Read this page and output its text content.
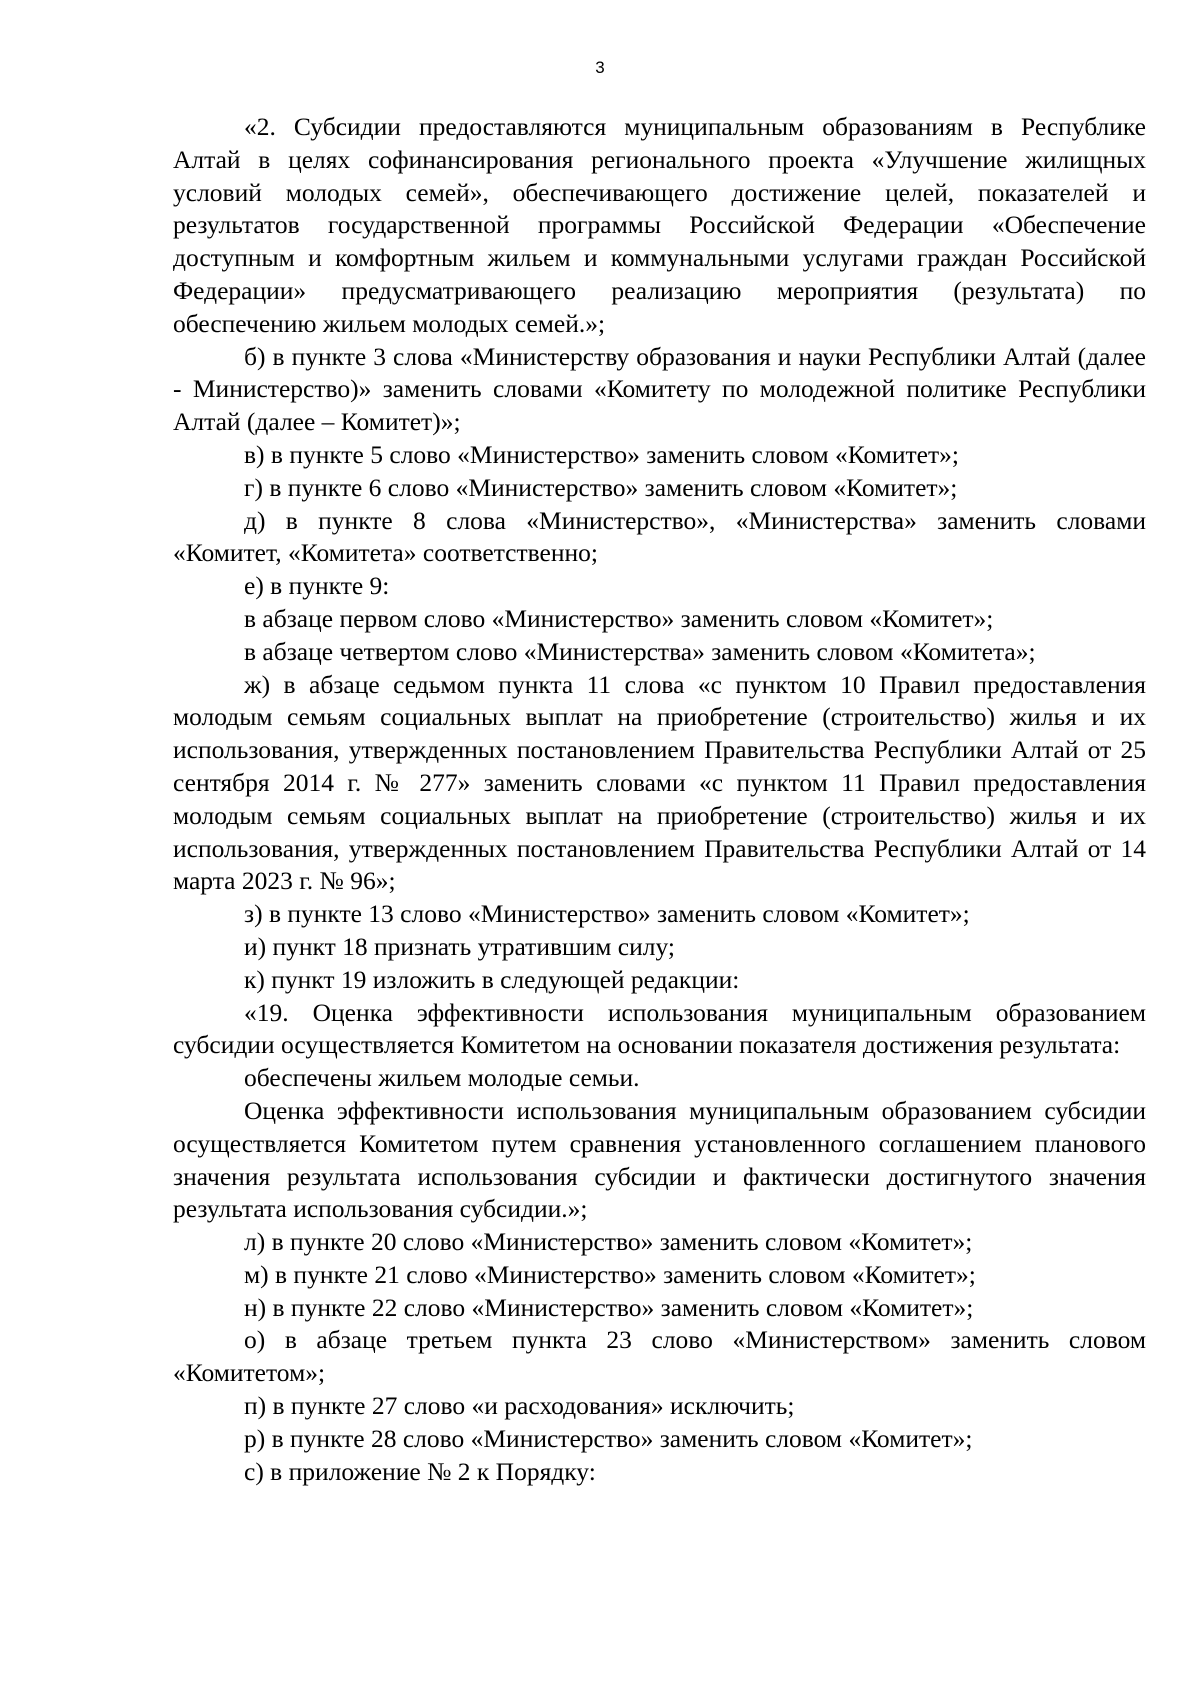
3

«2. Субсидии предоставляются муниципальным образованиям в Республике Алтай в целях софинансирования регионального проекта «Улучшение жилищных условий молодых семей», обеспечивающего достижение целей, показателей и результатов государственной программы Российской Федерации «Обеспечение доступным и комфортным жильем и коммунальными услугами граждан Российской Федерации» предусматривающего реализацию мероприятия (результата) по обеспечению жильем молодых семей.»;

б) в пункте 3 слова «Министерству образования и науки Республики Алтай (далее - Министерство)» заменить словами «Комитету по молодежной политике Республики Алтай (далее – Комитет)»;

в) в пункте 5 слово «Министерство» заменить словом «Комитет»;

г) в пункте 6 слово «Министерство» заменить словом «Комитет»;

д) в пункте 8 слова «Министерство», «Министерства» заменить словами «Комитет, «Комитета» соответственно;

е) в пункте 9:

в абзаце первом слово «Министерство» заменить словом «Комитет»;

в абзаце четвертом слово «Министерства» заменить словом «Комитета»;

ж) в абзаце седьмом пункта 11 слова «с пунктом 10 Правил предоставления молодым семьям социальных выплат на приобретение (строительство) жилья и их использования, утвержденных постановлением Правительства Республики Алтай от 25 сентября 2014 г. № 277» заменить словами «с пунктом 11 Правил предоставления молодым семьям социальных выплат на приобретение (строительство) жилья и их использования, утвержденных постановлением Правительства Республики Алтай от 14 марта 2023 г. № 96»;

з) в пункте 13 слово «Министерство» заменить словом «Комитет»;

и) пункт 18 признать утратившим силу;

к) пункт 19 изложить в следующей редакции:

«19. Оценка эффективности использования муниципальным образованием субсидии осуществляется Комитетом на основании показателя достижения результата:

обеспечены жильем молодые семьи.

Оценка эффективности использования муниципальным образованием субсидии осуществляется Комитетом путем сравнения установленного соглашением планового значения результата использования субсидии и фактически достигнутого значения результата использования субсидии.»;

л) в пункте 20 слово «Министерство» заменить словом «Комитет»;

м) в пункте 21 слово «Министерство» заменить словом «Комитет»;

н) в пункте 22 слово «Министерство» заменить словом «Комитет»;

о) в абзаце третьем пункта 23 слово «Министерством» заменить словом «Комитетом»;

п) в пункте 27 слово «и расходования» исключить;

р) в пункте 28 слово «Министерство» заменить словом «Комитет»;

с) в приложение № 2 к Порядку:
